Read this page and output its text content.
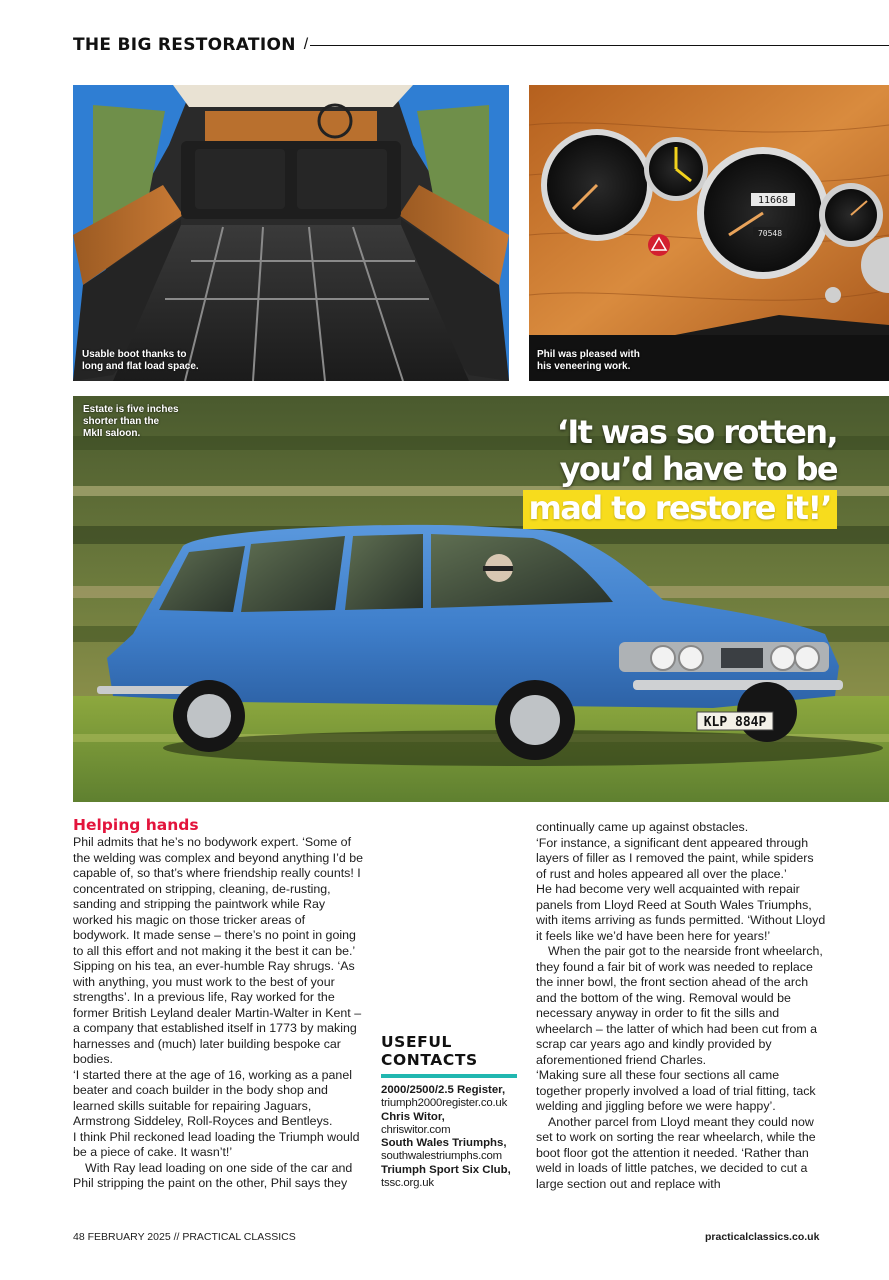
THE BIG RESTORATION /
Usable boot thanks to
long and flat load space.
11668
70548
Phil was pleased with
his veneering work.
KLP 884P
Estate is five inches
shorter than the
MkII saloon.	‘It was so rotten,
you’d have to be
mad to restore it!’
Helping hands

Phil admits that he’s no bodywork expert. ‘Some of the welding was complex and beyond anything I’d be capable of, so that’s where friendship really counts! I concentrated on stripping, cleaning, de-rusting, sanding and stripping the paintwork while Ray worked his magic on those tricker areas of bodywork. It made sense – there’s no point in going to all this effort and not making it the best it can be.’ Sipping on his tea, an ever-humble Ray shrugs. ‘As with anything, you must work to the best of your strengths’. In a previous life, Ray worked for the former British Leyland dealer Martin-Walter in Kent – a company that established itself in 1773 by making harnesses and (much) later building bespoke car bodies.

‘I started there at the age of 16, working as a panel beater and coach builder in the body shop and learned skills suitable for repairing Jaguars, Armstrong Siddeley, Roll-Royces and Bentleys.

I think Phil reckoned lead loading the Triumph would be a piece of cake. It wasn’t!’

With Ray lead loading on one side of the car and Phil stripping the paint on the other, Phil says they

USEFUL
CONTACTS
2000/2500/2.5 Register,
triumph2000register.co.uk
Chris Witor,
chriswitor.com
South Wales Triumphs,
southwalestriumphs.com
Triumph Sport Six Club,
tssc.org.uk

continually came up against obstacles.

‘For instance, a significant dent appeared through layers of filler as I removed the paint, while spiders of rust and holes appeared all over the place.’

He had become very well acquainted with repair panels from Lloyd Reed at South Wales Triumphs, with items arriving as funds permitted. ‘Without Lloyd it feels like we’d have been here for years!’

When the pair got to the nearside front wheelarch, they found a fair bit of work was needed to replace the inner bowl, the front section ahead of the arch and the bottom of the wing. Removal would be necessary anyway in order to fit the sills and wheelarch – the latter of which had been cut from a scrap car years ago and kindly provided by aforementioned friend Charles.

‘Making sure all these four sections all came together properly involved a load of trial fitting, tack welding and jiggling before we were happy’.

Another parcel from Lloyd meant they could now set to work on sorting the rear wheelarch, while the boot floor got the attention it needed. ‘Rather than weld in loads of little patches, we decided to cut a large section out and replace with

48 FEBRUARY 2025 // PRACTICAL CLASSICS	practicalclassics.co.uk
